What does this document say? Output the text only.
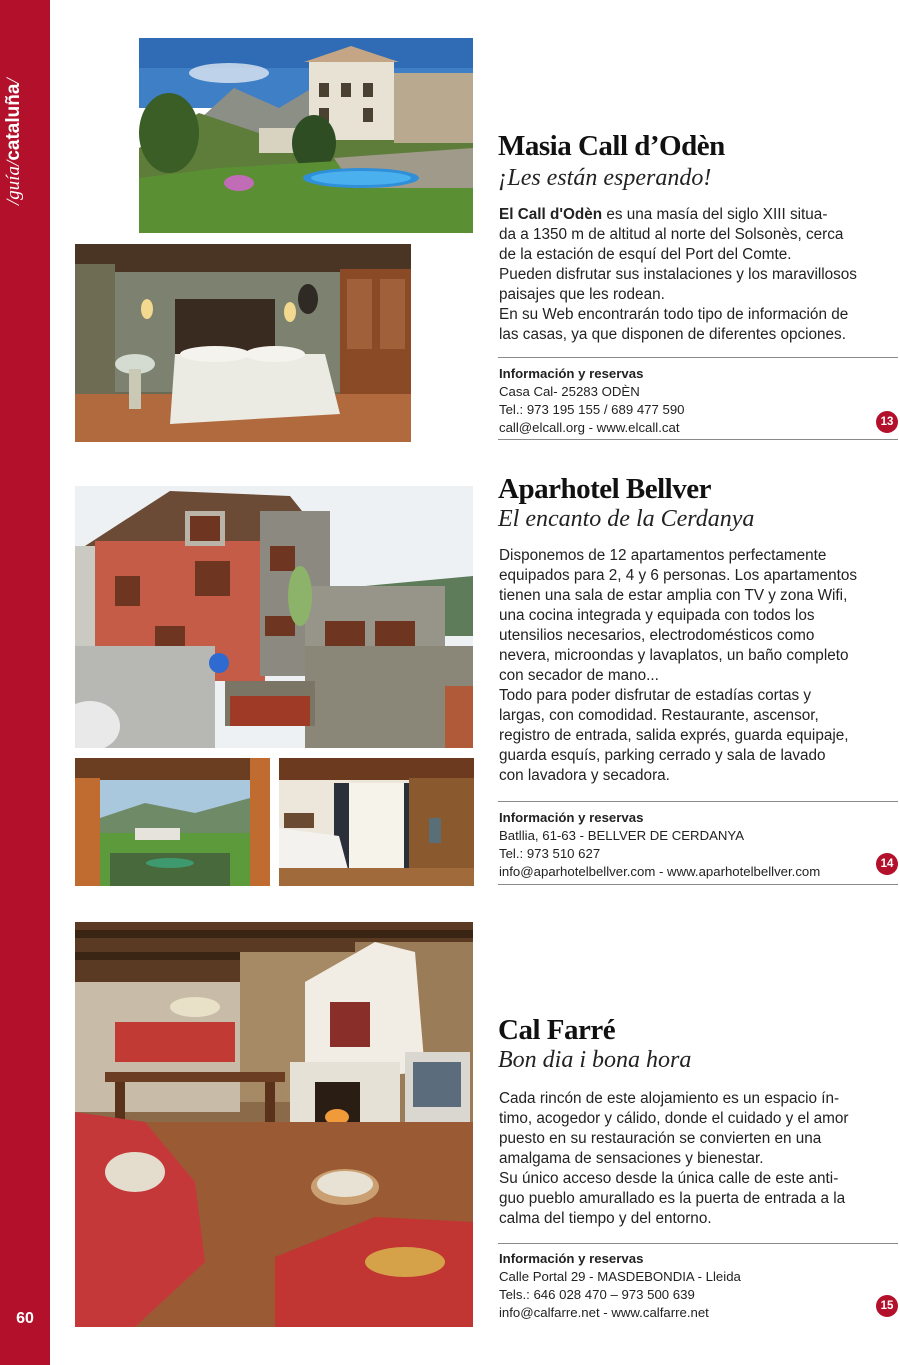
/guía/cataluña/
60
Masia Call d’Odèn
¡Les están esperando!

El Call d'Odèn es una masía del siglo XIII situa-

da a 1350 m de altitud al norte del Solsonès, cerca

de la estación de esquí del Port del Comte.

Pueden disfrutar sus instalaciones y los maravillosos

paisajes que les rodean.

En su Web encontrarán todo tipo de información de

las casas, ya que disponen de diferentes opciones.

Información y reservas
Casa Cal- 25283 ODÈN
Tel.: 973 195 155 / 689 477 590
call@elcall.org - www.elcall.cat	13
Aparhotel Bellver
El encanto de la Cerdanya

Disponemos de 12 apartamentos perfectamente

equipados para 2, 4 y 6 personas. Los apartamentos

tienen una sala de estar amplia con TV y zona Wifi,

una cocina integrada y equipada con todos los

utensilios necesarios, electrodomésticos como

nevera, microondas y lavaplatos, un baño completo

con secador de mano...

Todo para poder disfrutar de estadías cortas y

largas, con comodidad. Restaurante, ascensor,

registro de entrada, salida exprés, guarda equipaje,

guarda esquís, parking cerrado y sala de lavado

con lavadora y secadora.

Información y reservas
Batllia, 61-63 - BELLVER DE CERDANYA
Tel.: 973 510 627
info@aparhotelbellver.com - www.aparhotelbellver.com	14
Cal Farré
Bon dia i bona hora

Cada rincón de este alojamiento es un espacio ín-

timo, acogedor y cálido, donde el cuidado y el amor

puesto en su restauración se convierten en una

amalgama de sensaciones y bienestar.

Su único acceso desde la única calle de este anti-

guo pueblo amurallado es la puerta de entrada a la

calma del tiempo y del entorno.

Información y reservas
Calle Portal 29 - MASDEBONDIA - Lleida
Tels.: 646 028 470 – 973 500 639
info@calfarre.net - www.calfarre.net	15
